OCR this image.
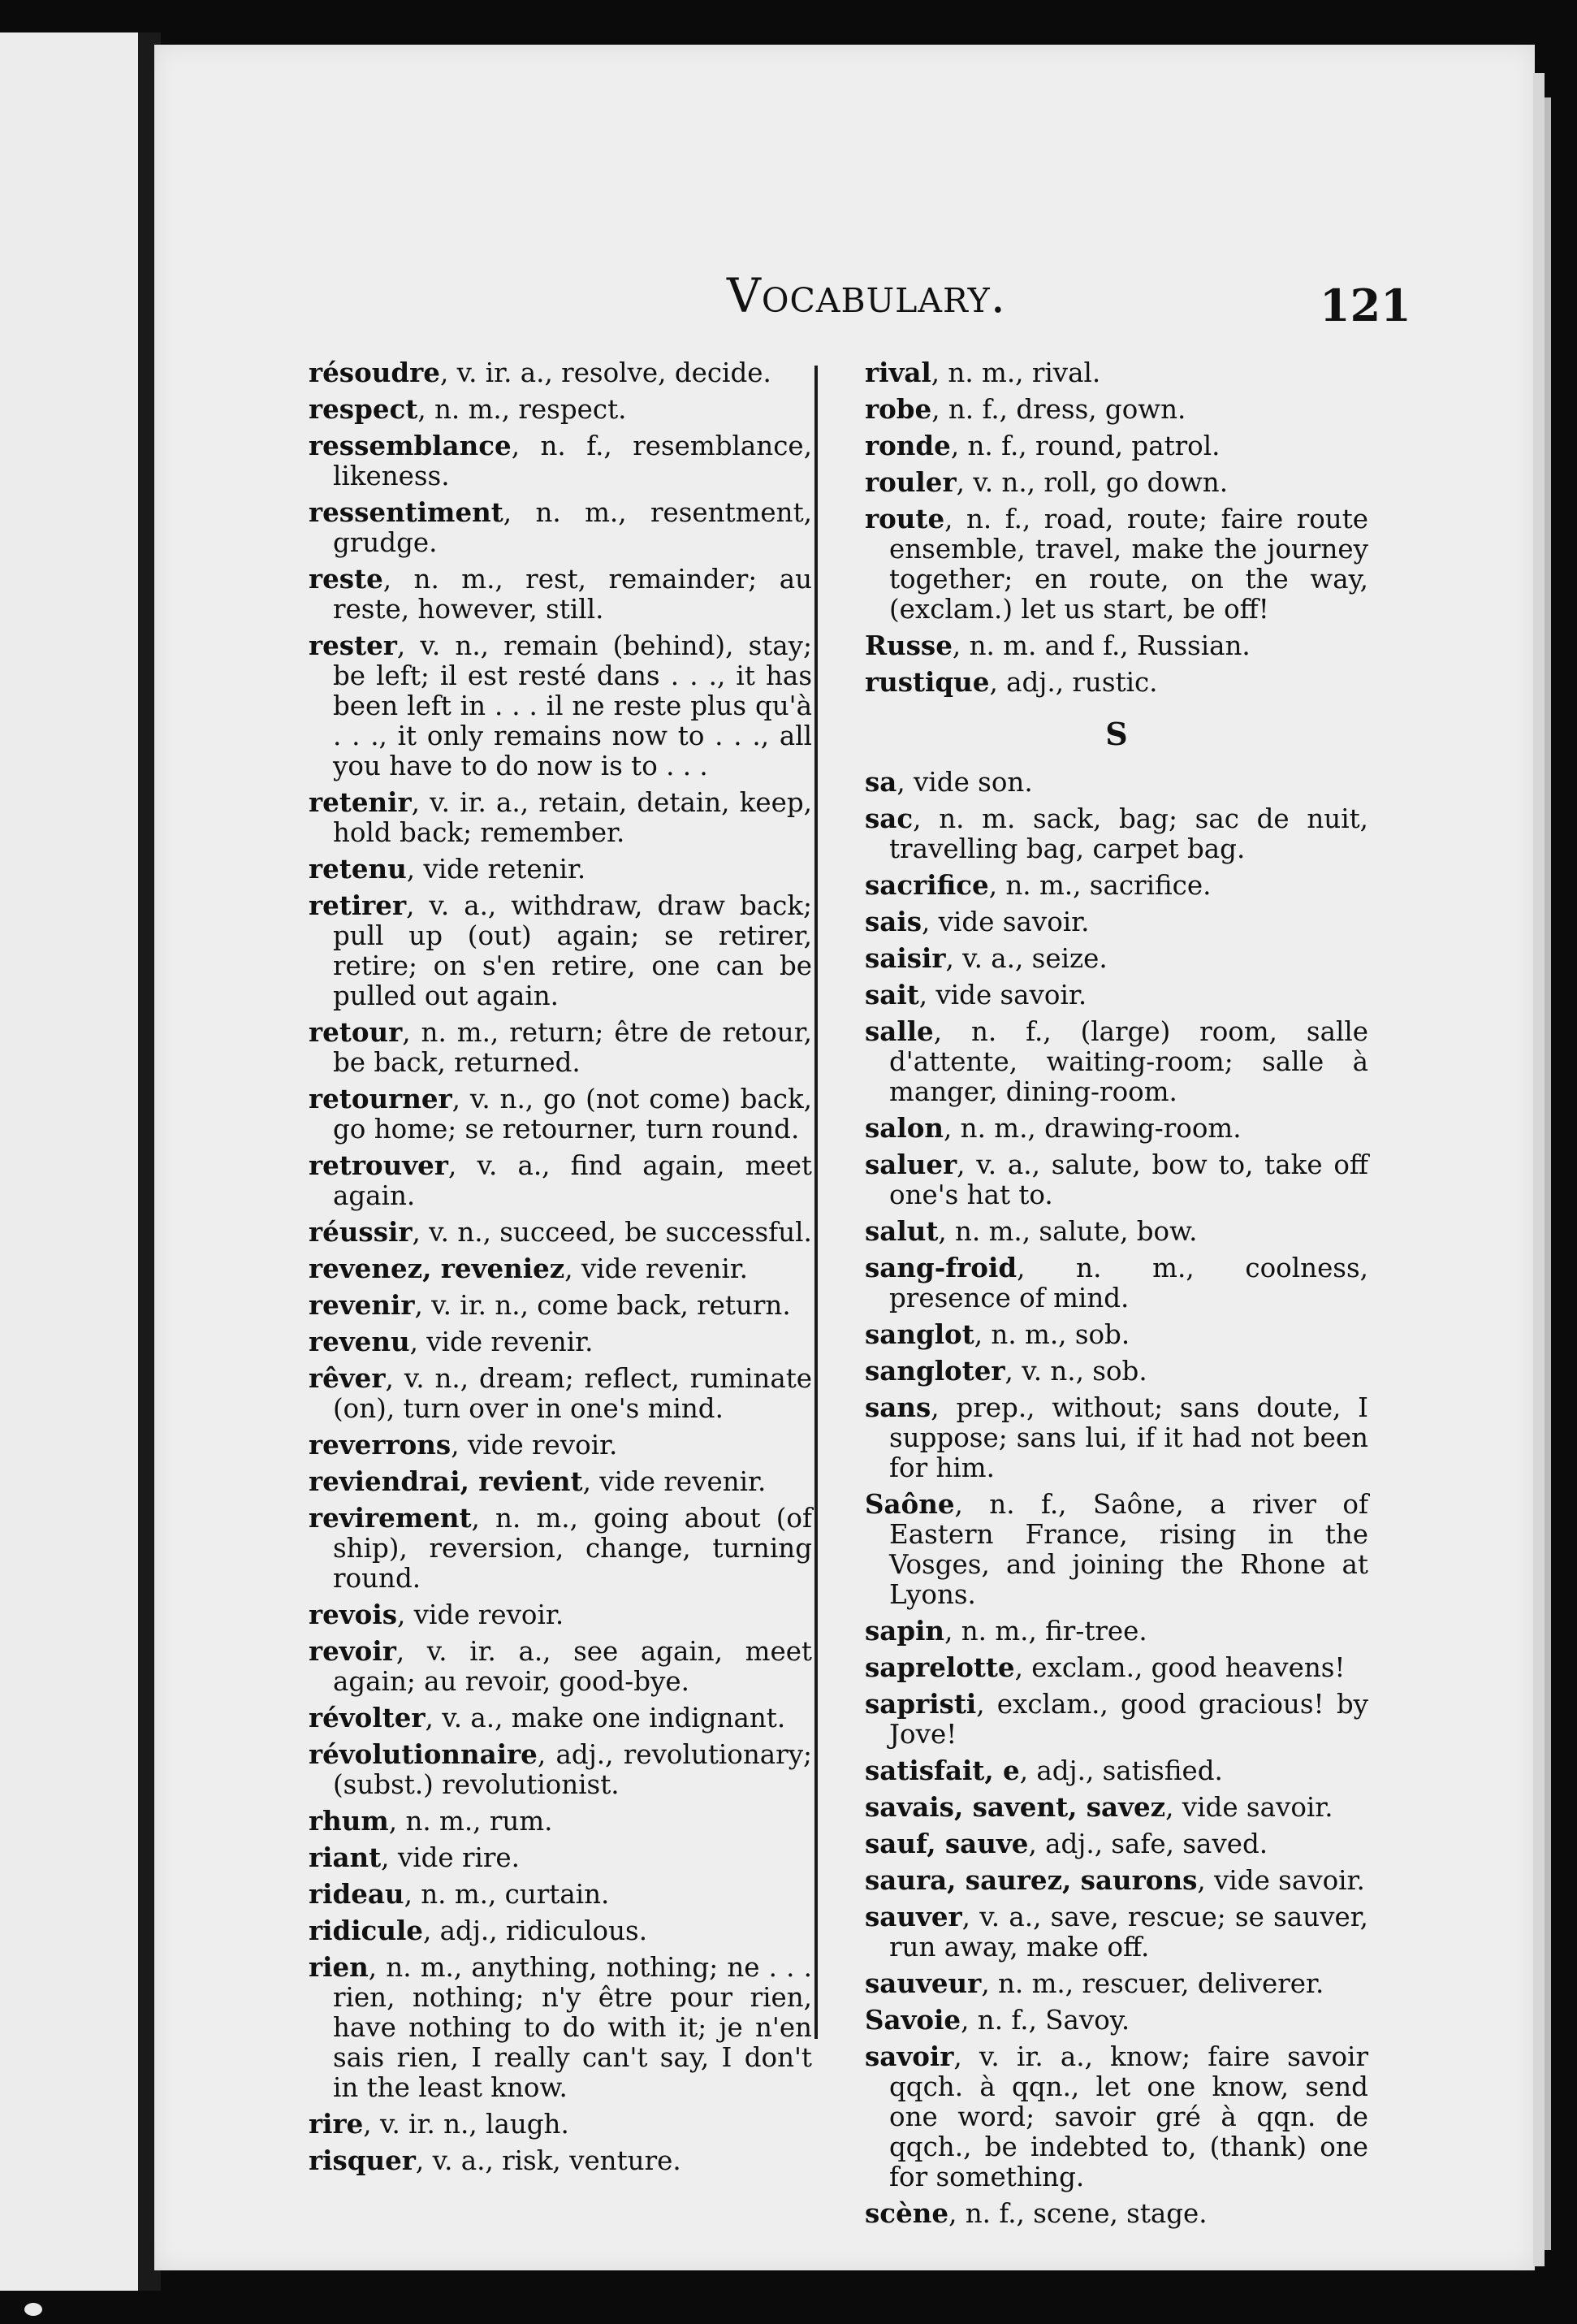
Vocabulary.	121
résoudre, v. ir. a., resolve, decide.
respect, n. m., respect.
ressemblance, n. f., resemblance, likeness.
ressentiment, n. m., resentment, grudge.
reste, n. m., rest, remainder; au reste, however, still.
rester, v. n., remain (behind), stay; be left; il est resté dans . . ., it has been left in . . . il ne reste plus qu'à . . ., it only remains now to . . ., all you have to do now is to . . .
retenir, v. ir. a., retain, detain, keep, hold back; remember.
retenu, vide retenir.
retirer, v. a., withdraw, draw back; pull up (out) again; se retirer, retire; on s'en retire, one can be pulled out again.
retour, n. m., return; être de retour, be back, returned.
retourner, v. n., go (not come) back, go home; se retourner, turn round.
retrouver, v. a., find again, meet again.
réussir, v. n., succeed, be successful.
revenez, reveniez, vide revenir.
revenir, v. ir. n., come back, return.
revenu, vide revenir.
rêver, v. n., dream; reflect, ruminate (on), turn over in one's mind.
reverrons, vide revoir.
reviendrai, revient, vide revenir.
revirement, n. m., going about (of ship), reversion, change, turning round.
revois, vide revoir.
revoir, v. ir. a., see again, meet again; au revoir, good-bye.
révolter, v. a., make one indignant.
révolutionnaire, adj., revolutionary; (subst.) revolutionist.
rhum, n. m., rum.
riant, vide rire.
rideau, n. m., curtain.
ridicule, adj., ridiculous.
rien, n. m., anything, nothing; ne . . . rien, nothing; n'y être pour rien, have nothing to do with it; je n'en sais rien, I really can't say, I don't in the least know.
rire, v. ir. n., laugh.
risquer, v. a., risk, venture.
rival, n. m., rival.
robe, n. f., dress, gown.
ronde, n. f., round, patrol.
rouler, v. n., roll, go down.
route, n. f., road, route; faire route ensemble, travel, make the journey together; en route, on the way, (exclam.) let us start, be off!
Russe, n. m. and f., Russian.
rustique, adj., rustic.
S
sa, vide son.
sac, n. m. sack, bag; sac de nuit, travelling bag, carpet bag.
sacrifice, n. m., sacrifice.
sais, vide savoir.
saisir, v. a., seize.
sait, vide savoir.
salle, n. f., (large) room, salle d'attente, waiting-room; salle à manger, dining-room.
salon, n. m., drawing-room.
saluer, v. a., salute, bow to, take off one's hat to.
salut, n. m., salute, bow.
sang-froid, n. m., coolness, presence of mind.
sanglot, n. m., sob.
sangloter, v. n., sob.
sans, prep., without; sans doute, I suppose; sans lui, if it had not been for him.
Saône, n. f., Saône, a river of Eastern France, rising in the Vosges, and joining the Rhone at Lyons.
sapin, n. m., fir-tree.
saprelotte, exclam., good heavens!
sapristi, exclam., good gracious! by Jove!
satisfait, e, adj., satisfied.
savais, savent, savez, vide savoir.
sauf, sauve, adj., safe, saved.
saura, saurez, saurons, vide savoir.
sauver, v. a., save, rescue; se sauver, run away, make off.
sauveur, n. m., rescuer, deliverer.
Savoie, n. f., Savoy.
savoir, v. ir. a., know; faire savoir qqch. à qqn., let one know, send one word; savoir gré à qqn. de qqch., be indebted to, (thank) one for something.
scène, n. f., scene, stage.
